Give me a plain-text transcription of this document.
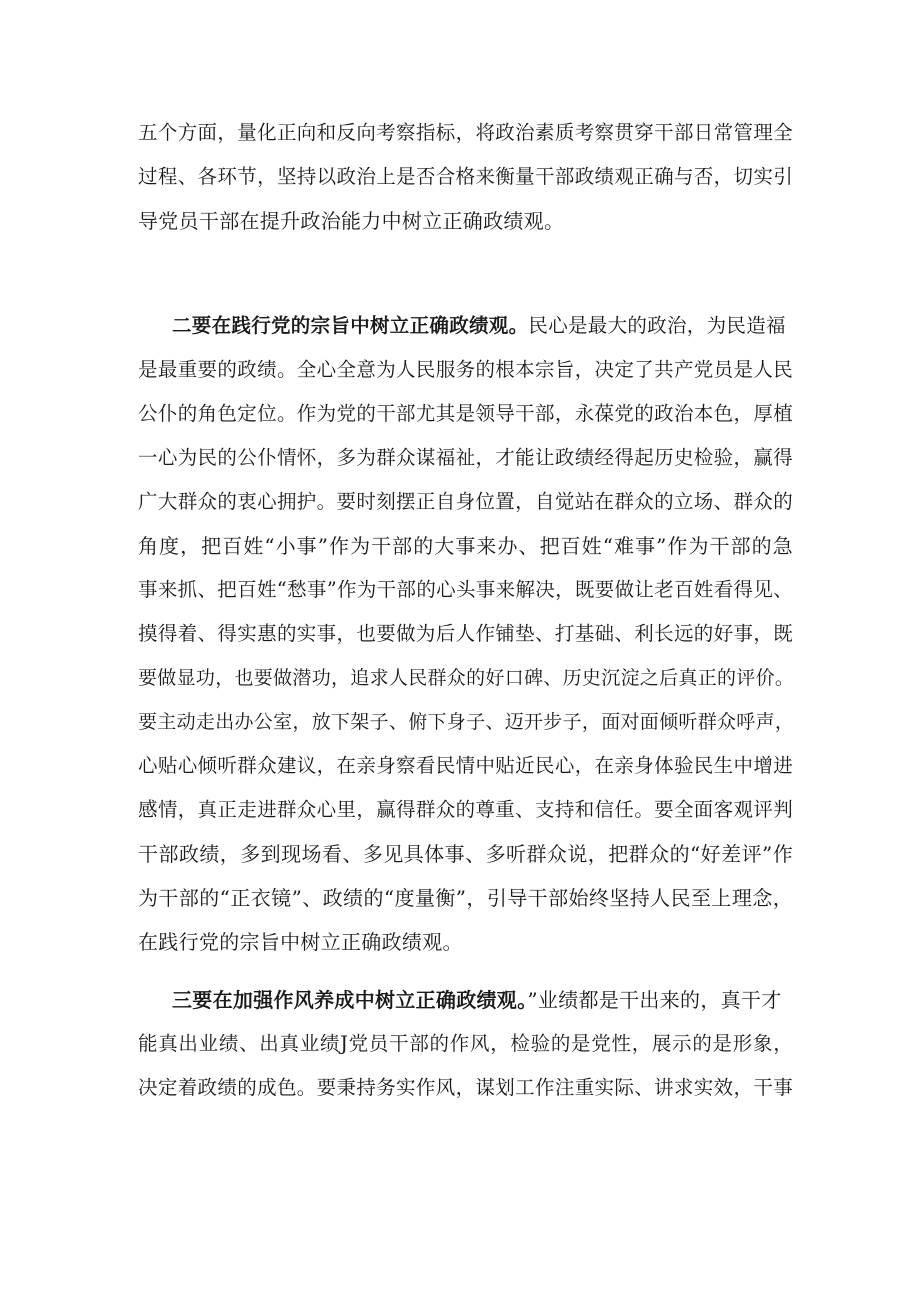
五个方面，量化正向和反向考察指标，将政治素质考察贯穿干部日常管理全
过程、各环节，坚持以政治上是否合格来衡量干部政绩观正确与否，切实引
导党员干部在提升政治能力中树立正确政绩观。
二要在践行党的宗旨中树立正确政绩观。民心是最大的政治，为民造福
是最重要的政绩。全心全意为人民服务的根本宗旨，决定了共产党员是人民
公仆的角色定位。作为党的干部尤其是领导干部，永葆党的政治本色，厚植
一心为民的公仆情怀，多为群众谋福祉，才能让政绩经得起历史检验，赢得
广大群众的衷心拥护。要时刻摆正自身位置，自觉站在群众的立场、群众的
角度，把百姓“小事”作为干部的大事来办、把百姓“难事”作为干部的急
事来抓、把百姓“愁事”作为干部的心头事来解决，既要做让老百姓看得见、
摸得着、得实惠的实事，也要做为后人作铺垫、打基础、利长远的好事，既
要做显功，也要做潜功，追求人民群众的好口碑、历史沉淀之后真正的评价。
要主动走出办公室，放下架子、俯下身子、迈开步子，面对面倾听群众呼声，
心贴心倾听群众建议，在亲身察看民情中贴近民心，在亲身体验民生中增进
感情，真正走进群众心里，赢得群众的尊重、支持和信任。要全面客观评判
干部政绩，多到现场看、多见具体事、多听群众说，把群众的“好差评”作
为干部的“正衣镜”、政绩的“度量衡”，引导干部始终坚持人民至上理念，
在践行党的宗旨中树立正确政绩观。
三要在加强作风养成中树立正确政绩观。”业绩都是干出来的，真干才
能真出业绩、出真业绩J党员干部的作风，检验的是党性，展示的是形象，
决定着政绩的成色。要秉持务实作风，谋划工作注重实际、讲求实效，干事
